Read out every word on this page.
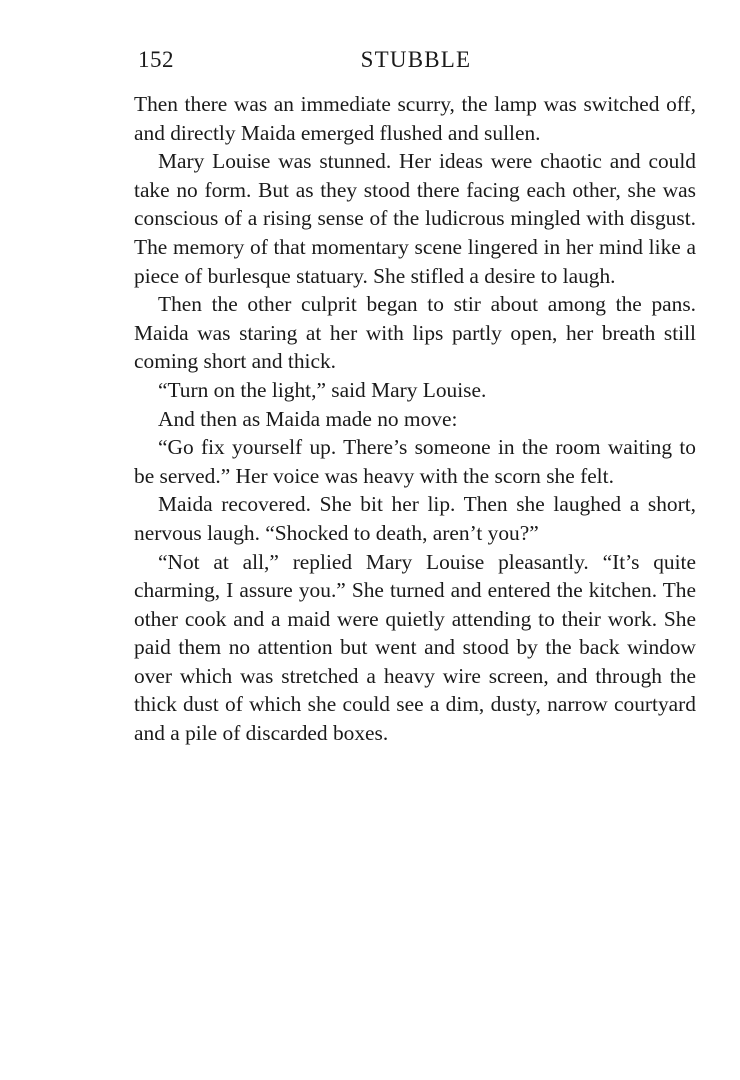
152	STUBBLE

Then there was an immediate scurry, the lamp was switched off, and directly Maida emerged flushed and sullen.

Mary Louise was stunned. Her ideas were chaotic and could take no form. But as they stood there facing each other, she was conscious of a rising sense of the ludicrous mingled with disgust. The memory of that momentary scene lingered in her mind like a piece of burlesque statuary. She stifled a desire to laugh.

Then the other culprit began to stir about among the pans. Maida was staring at her with lips partly open, her breath still coming short and thick.

“Turn on the light,” said Mary Louise.

And then as Maida made no move:

“Go fix yourself up. There’s someone in the room waiting to be served.” Her voice was heavy with the scorn she felt.

Maida recovered. She bit her lip. Then she laughed a short, nervous laugh. “Shocked to death, aren’t you?”

“Not at all,” replied Mary Louise pleasantly. “It’s quite charming, I assure you.” She turned and entered the kitchen. The other cook and a maid were quietly attending to their work. She paid them no attention but went and stood by the back window over which was stretched a heavy wire screen, and through the thick dust of which she could see a dim, dusty, narrow courtyard and a pile of discarded boxes.
